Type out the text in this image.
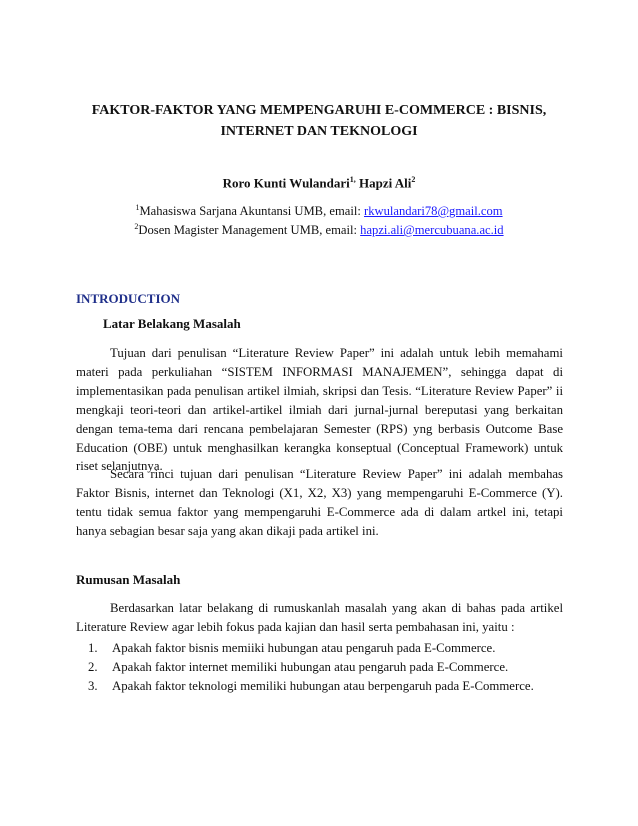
FAKTOR-FAKTOR YANG MEMPENGARUHI E-COMMERCE : BISNIS,
INTERNET DAN TEKNOLOGI
Roro Kunti Wulandari$^{1,}$ Hapzi Ali$^2$
$^1$Mahasiswa Sarjana Akuntansi UMB, email: rkwulandari78@gmail.com
$^2$Dosen Magister Management UMB, email: hapzi.ali@mercubuana.ac.id
INTRODUCTION
Latar Belakang Masalah

Tujuan dari penulisan “Literature Review Paper” ini adalah untuk lebih memahami materi pada perkuliahan “SISTEM INFORMASI MANAJEMEN”, sehingga dapat di implementasikan pada penulisan artikel ilmiah, skripsi dan Tesis. “Literature Review Paper” ii mengkaji teori-teori dan artikel-artikel ilmiah dari jurnal-jurnal bereputasi yang berkaitan dengan tema-tema dari rencana pembelajaran Semester (RPS) yng berbasis Outcome Base Education (OBE) untuk menghasilkan kerangka konseptual (Conceptual Framework) untuk riset selanjutnya.

Secara rinci tujuan dari penulisan “Literature Review Paper” ini adalah membahas Faktor Bisnis, internet dan Teknologi (X1, X2, X3) yang mempengaruhi E-Commerce (Y). tentu tidak semua faktor yang mempengaruhi E-Commerce ada di dalam artkel ini, tetapi hanya sebagian besar saja yang akan dikaji pada artikel ini.

Rumusan Masalah

Berdasarkan latar belakang di rumuskanlah masalah yang akan di bahas pada artikel Literature Review agar lebih fokus pada kajian dan hasil serta pembahasan ini, yaitu :

1.	Apakah faktor bisnis memiiki hubungan atau pengaruh pada E-Commerce.
2.	Apakah faktor internet memiliki hubungan atau pengaruh pada E-Commerce.
3.	Apakah faktor teknologi memiliki hubungan atau berpengaruh pada E-Commerce.
